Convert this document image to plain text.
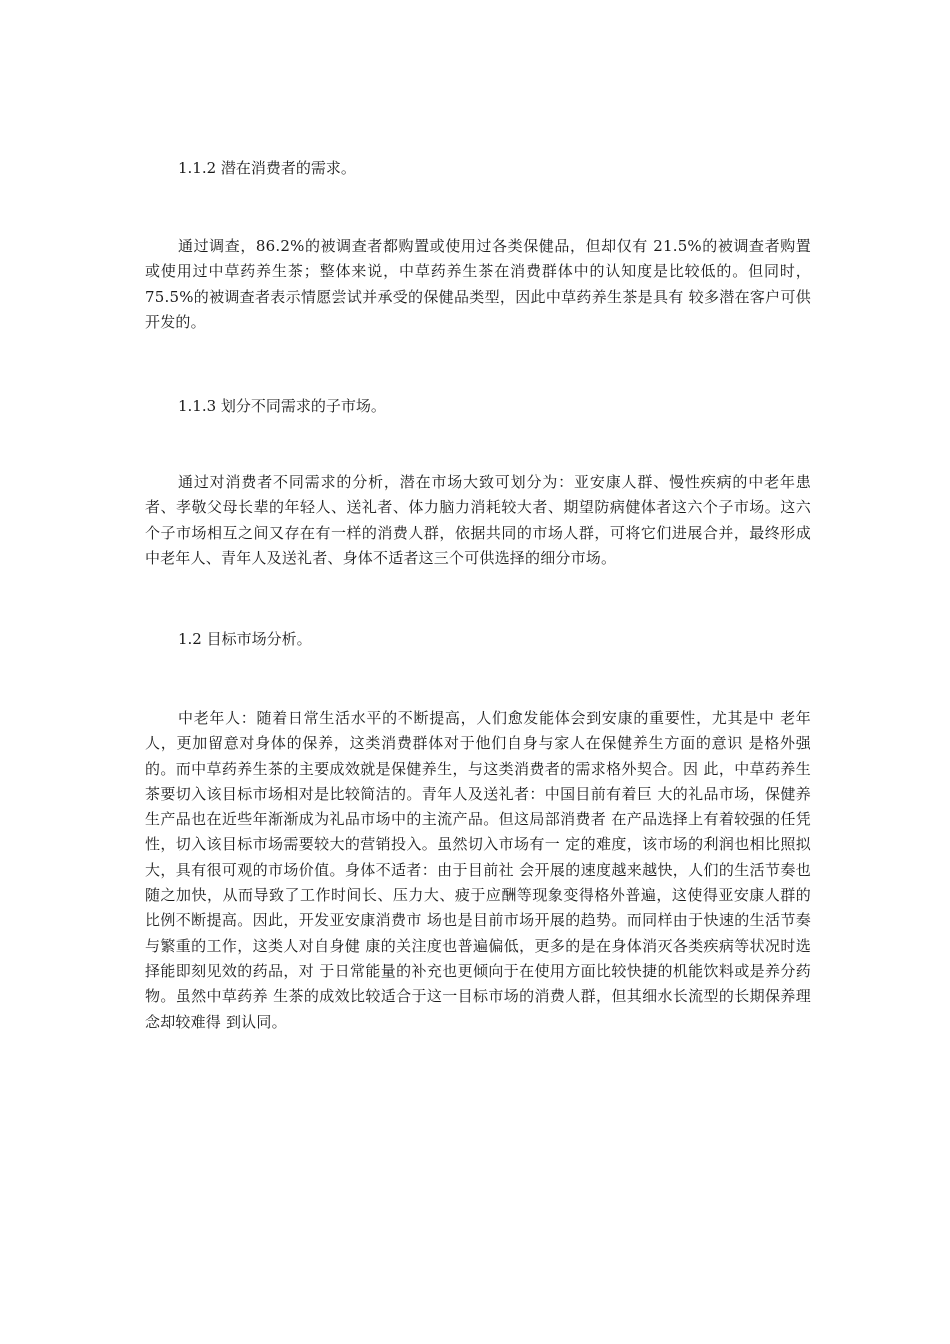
1.1.2 潜在消费者的需求。
通过调查，86.2%的被调查者都购置或使用过各类保健品，但却仅有 21.5%的被调查者购置或使用过中草药养生茶；整体来说，中草药养生茶在消费群体中的认知度是比较低的。但同时，75.5%的被调查者表示情愿尝试并承受的保健品类型，因此中草药养生茶是具有 较多潜在客户可供开发的。
1.1.3 划分不同需求的子市场。
通过对消费者不同需求的分析，潜在市场大致可划分为：亚安康人群、慢性疾病的中老年患者、孝敬父母长辈的年轻人、送礼者、体力脑力消耗较大者、期望防病健体者这六个子市场。这六个子市场相互之间又存在有一样的消费人群，依据共同的市场人群，可将它们进展合并，最终形成中老年人、青年人及送礼者、身体不适者这三个可供选择的细分市场。
1.2 目标市场分析。
中老年人：随着日常生活水平的不断提高，人们愈发能体会到安康的重要性，尤其是中 老年人，更加留意对身体的保养，这类消费群体对于他们自身与家人在保健养生方面的意识 是格外强的。而中草药养生茶的主要成效就是保健养生，与这类消费者的需求格外契合。因 此，中草药养生茶要切入该目标市场相对是比较简洁的。青年人及送礼者：中国目前有着巨 大的礼品市场，保健养生产品也在近些年渐渐成为礼品市场中的主流产品。但这局部消费者 在产品选择上有着较强的任凭性，切入该目标市场需要较大的营销投入。虽然切入市场有一 定的难度，该市场的利润也相比照拟大，具有很可观的市场价值。身体不适者：由于目前社 会开展的速度越来越快，人们的生活节奏也随之加快，从而导致了工作时间长、压力大、疲于应酬等现象变得格外普遍，这使得亚安康人群的比例不断提高。因此，开发亚安康消费市 场也是目前市场开展的趋势。而同样由于快速的生活节奏与繁重的工作，这类人对自身健 康的关注度也普遍偏低，更多的是在身体消灭各类疾病等状况时选择能即刻见效的药品，对 于日常能量的补充也更倾向于在使用方面比较快捷的机能饮料或是养分药物。虽然中草药养 生茶的成效比较适合于这一目标市场的消费人群，但其细水长流型的长期保养理念却较难得 到认同。
